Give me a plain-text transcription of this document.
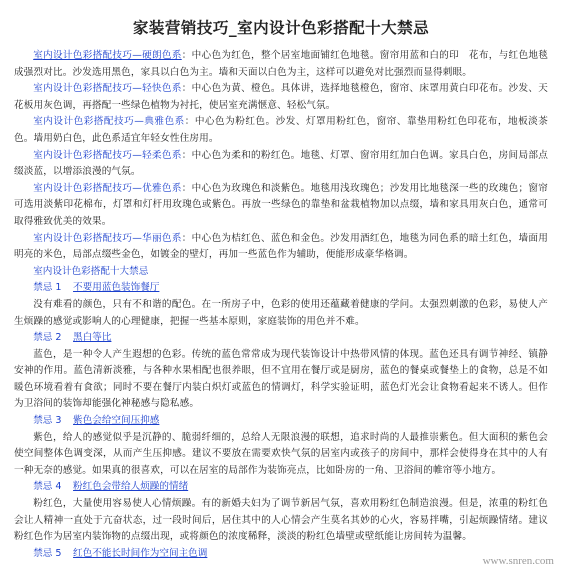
家装营销技巧_室内设计色彩搭配十大禁忌

室内设计色彩搭配技巧—硬朗色系：中心色为红色，整个居室地面铺红色地毯。窗帘用蓝和白的印　花布，与红色地毯成强烈对比。沙发选用黑色，家具以白色为主。墙和天面以白色为主，这样可以避免对比强烈而显得刺眼。

室内设计色彩搭配技巧—轻快色系：中心色为黄、橙色。具体讲，选择地毯橙色，窗帘、床罩用黄白印花布。沙发、天花板用灰色调，再搭配一些绿色植物为衬托，使居室充满惬意、轻松气氛。

室内设计色彩搭配技巧—典雅色系：中心色为粉红色。沙发、灯罩用粉红色，窗帘、靠垫用粉红色印花布，地板淡茶色。墙用奶白色，此色系适宜年轻女性住房用。

室内设计色彩搭配技巧—轻柔色系：中心色为柔和的粉红色。地毯、灯罩、窗帘用红加白色调。家具白色，房间局部点缀淡蓝，以增添浪漫的气氛。

室内设计色彩搭配技巧—优雅色系：中心色为玫瑰色和淡紫色。地毯用浅玫瑰色；沙发用比地毯深一些的玫瑰色；窗帘可选用淡紫印花棉布，灯罩和灯杆用玫瑰色或紫色。再放一些绿色的靠垫和盆栽植物加以点缀，墙和家具用灰白色，通常可取得雅致优美的效果。

室内设计色彩搭配技巧—华丽色系：中心色为桔红色、蓝色和金色。沙发用酒红色，地毯为同色系的暗土红色，墙面用明亮的米色，局部点缀些金色，如镀金的壁灯，再加一些蓝色作为辅助，便能形成豪华格调。

室内设计色彩搭配十大禁忌

禁忌 1 不要用蓝色装饰餐厅

没有难看的颜色，只有不和谐的配色。在一所房子中，色彩的使用还蕴藏着健康的学问。太强烈刺激的色彩，易使人产生烦躁的感觉或影响人的心理健康，把握一些基本原则，家庭装饰的用色并不难。

禁忌 2 黑白等比

蓝色，是一种令人产生遐想的色彩。传统的蓝色常常成为现代装饰设计中热带风情的体现。蓝色还具有调节神经、镇静安神的作用。蓝色清新淡雅，与各种水果相配也很养眼，但不宜用在餐厅或是厨房，蓝色的餐桌或餐垫上的食物，总是不如暖色环境看着有食欲；同时不要在餐厅内装白炽灯或蓝色的情调灯，科学实验证明，蓝色灯光会让食物看起来不诱人。但作为卫浴间的装饰却能强化神秘感与隐私感。

禁忌 3 紫色会给空间压抑感

紫色，给人的感觉似乎是沉静的、脆弱纤细的，总给人无限浪漫的联想，追求时尚的人最推崇紫色。但大面积的紫色会使空间整体色调变深，从而产生压抑感。建议不要放在需要欢快气氛的居室内或孩子的房间中，那样会使得身在其中的人有一种无奈的感觉。如果真的很喜欢，可以在居室的局部作为装饰亮点，比如卧房的一角、卫浴间的帷帘等小地方。

禁忌 4 粉红色会带给人烦躁的情绪

粉红色，大量使用容易使人心情烦躁。有的新婚夫妇为了调节新居气氛，喜欢用粉红色制造浪漫。但是，浓重的粉红色会让人精神一直处于亢奋状态，过一段时间后，居住其中的人心情会产生莫名其妙的心火，容易拌嘴，引起烦躁情绪。建议粉红色作为居室内装饰物的点缀出现，或将颜色的浓度稀释，淡淡的粉红色墙壁或壁纸能让房间转为温馨。

禁忌 5 红色不能长时间作为空间主色调

www.snren.com
